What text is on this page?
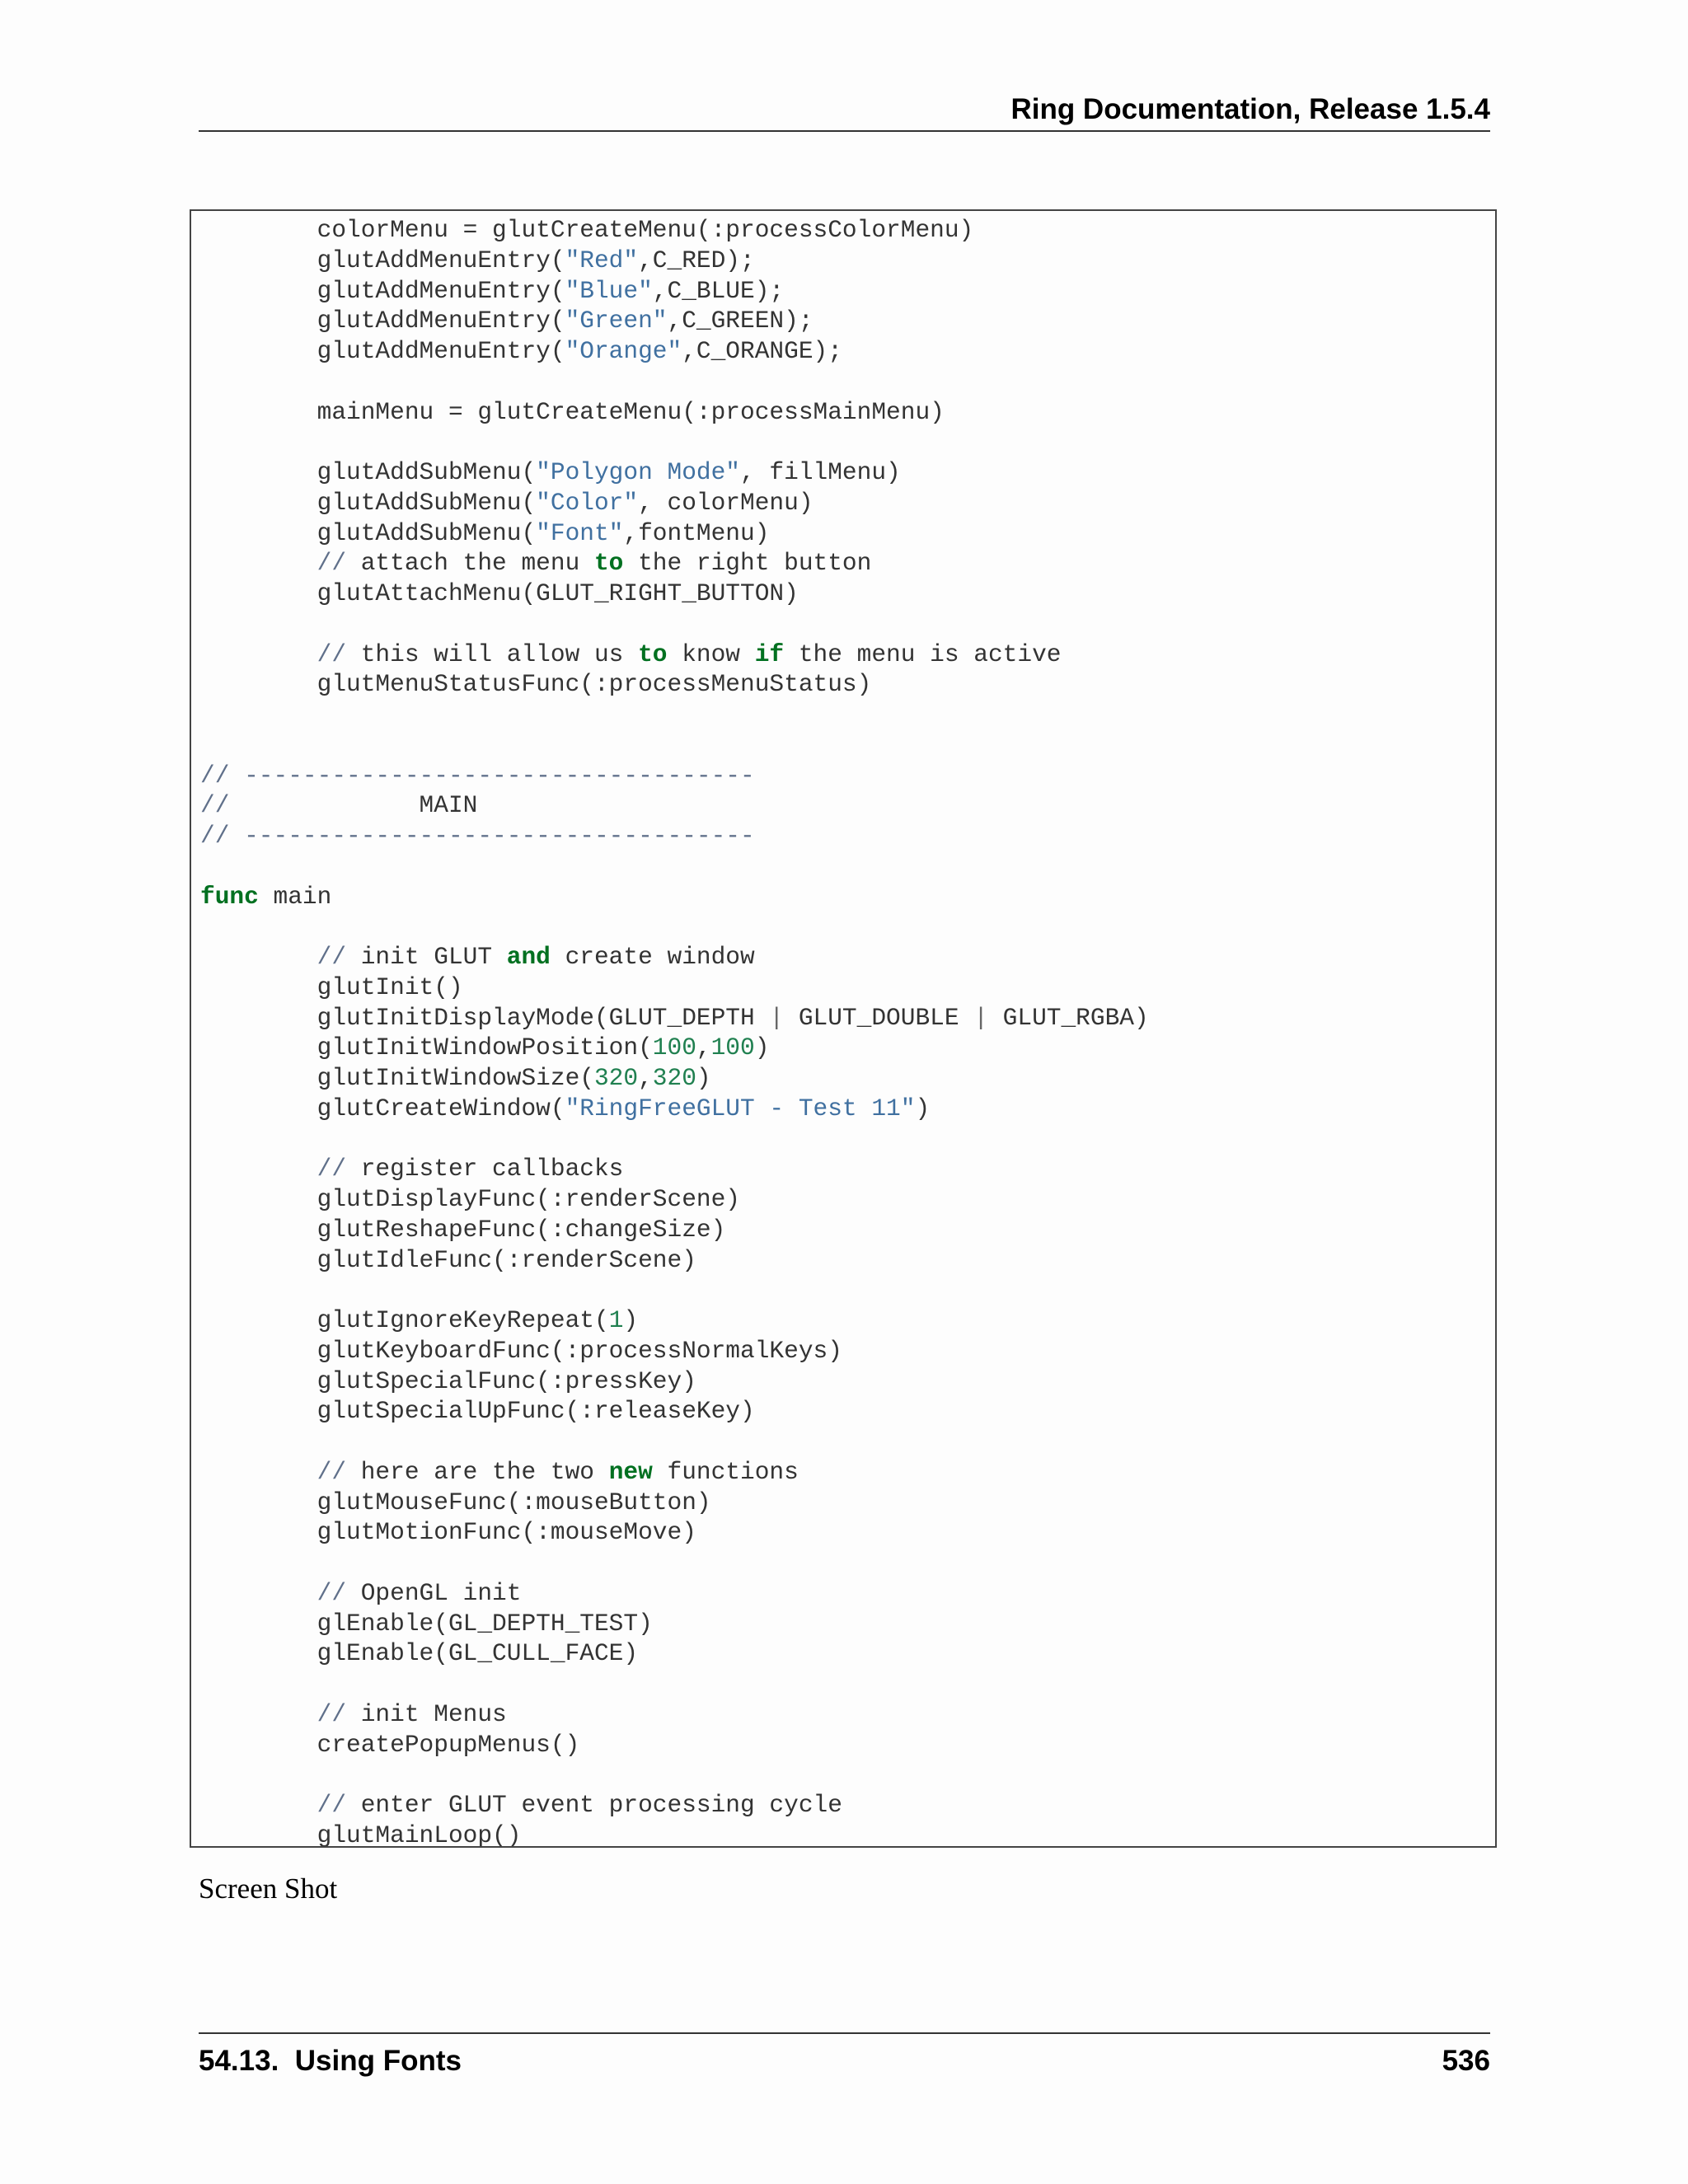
Ring Documentation, Release 1.5.4
colorMenu = glutCreateMenu(:processColorMenu)
glutAddMenuEntry("Red",C_RED);
glutAddMenuEntry("Blue",C_BLUE);
glutAddMenuEntry("Green",C_GREEN);
glutAddMenuEntry("Orange",C_ORANGE);
mainMenu = glutCreateMenu(:processMainMenu)
glutAddSubMenu("Polygon Mode", fillMenu)
glutAddSubMenu("Color", colorMenu)
glutAddSubMenu("Font",fontMenu)
// attach the menu to the right button
glutAttachMenu(GLUT_RIGHT_BUTTON)
// this will allow us to know if the menu is active
glutMenuStatusFunc(:processMenuStatus)
// -----------------------------------
//             MAIN
// -----------------------------------
func main
// init GLUT and create window
glutInit()
glutInitDisplayMode(GLUT_DEPTH | GLUT_DOUBLE | GLUT_RGBA)
glutInitWindowPosition(100,100)
glutInitWindowSize(320,320)
glutCreateWindow("RingFreeGLUT - Test 11")
// register callbacks
glutDisplayFunc(:renderScene)
glutReshapeFunc(:changeSize)
glutIdleFunc(:renderScene)
glutIgnoreKeyRepeat(1)
glutKeyboardFunc(:processNormalKeys)
glutSpecialFunc(:pressKey)
glutSpecialUpFunc(:releaseKey)
// here are the two new functions
glutMouseFunc(:mouseButton)
glutMotionFunc(:mouseMove)
// OpenGL init
glEnable(GL_DEPTH_TEST)
glEnable(GL_CULL_FACE)
// init Menus
createPopupMenus()
// enter GLUT event processing cycle
glutMainLoop()
Screen Shot
54.13.  Using Fonts	536
